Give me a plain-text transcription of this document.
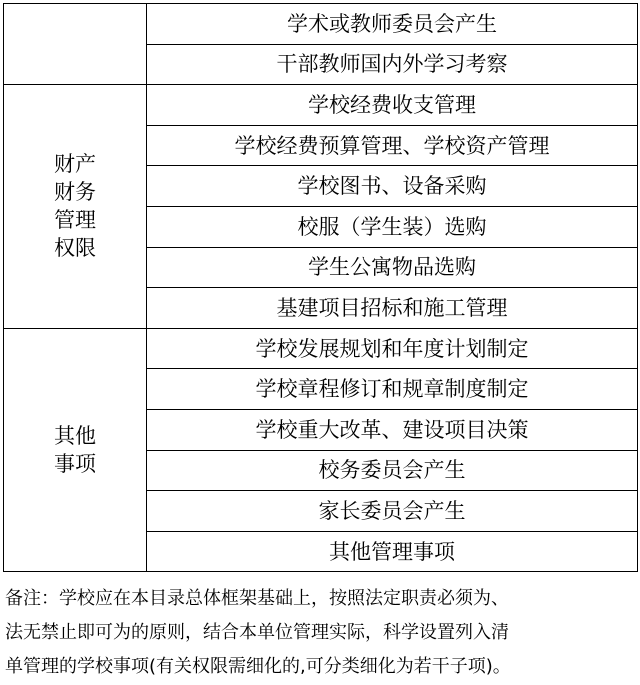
	学术或教师委员会产生
	干部教师国内外学习考察

财产
财务
管理
权限	学校经费收支管理
	学校经费预算管理、学校资产管理
	学校图书、设备采购
	校服（学生装）选购
	学生公寓物品选购
	基建项目招标和施工管理

其他
事项	学校发展规划和年度计划制定
	学校章程修订和规章制度制定
	学校重大改革、建设项目决策
	校务委员会产生
	家长委员会产生
	其他管理事项
备注：学校应在本目录总体框架基础上，按照法定职责必须为、
法无禁止即可为的原则，结合本单位管理实际，科学设置列入清
单管理的学校事项(有关权限需细化的,可分类细化为若干子项)。
